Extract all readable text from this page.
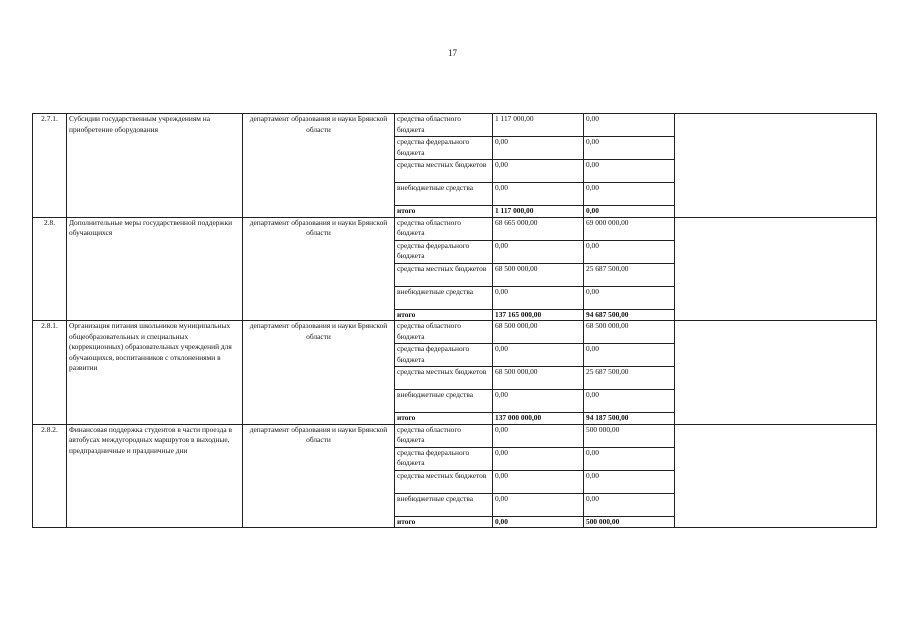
17
2.7.1.	Субсидии государственным учреждениям на приобретение оборудования	департамент образования и науки Брянской области	средства областного бюджета	1 117 000,00	0,00	
			средства федерального бюджета	0,00	0,00	
			средства местных бюджетов	0,00	0,00	
			внебюджетные средства	0,00	0,00	
			итого	1 117 000,00	0,00	
2.8.	Дополнительные меры государственной поддержки обучающихся	департамент образования и науки Брянской области	средства областного бюджета	68 665 000,00	69 000 000,00	
			средства федерального бюджета	0,00	0,00	
			средства местных бюджетов	68 500 000,00	25 687 500,00	
			внебюджетные средства	0,00	0,00	
			итого	137 165 000,00	94 687 500,00	
2.8.1.	Организация питания школьников муниципальных общеобразовательных и специальных (коррекционных) образовательных учреждений для обучающихся, воспитанников с отклонениями в развитии	департамент образования и науки Брянской области	средства областного бюджета	68 500 000,00	68 500 000,00	
			средства федерального бюджета	0,00	0,00	
			средства местных бюджетов	68 500 000,00	25 687 500,00	
			внебюджетные средства	0,00	0,00	
			итого	137 000 000,00	94 187 500,00	
2.8.2.	Финансовая поддержка студентов в части проезда в автобусах междугородных маршрутов в выходные, предпраздничные и праздничные дни	департамент образования и науки Брянской области	средства областного бюджета	0,00	500 000,00	
			средства федерального бюджета	0,00	0,00	
			средства местных бюджетов	0,00	0,00	
			внебюджетные средства	0,00	0,00	
			итого	0,00	500 000,00	
